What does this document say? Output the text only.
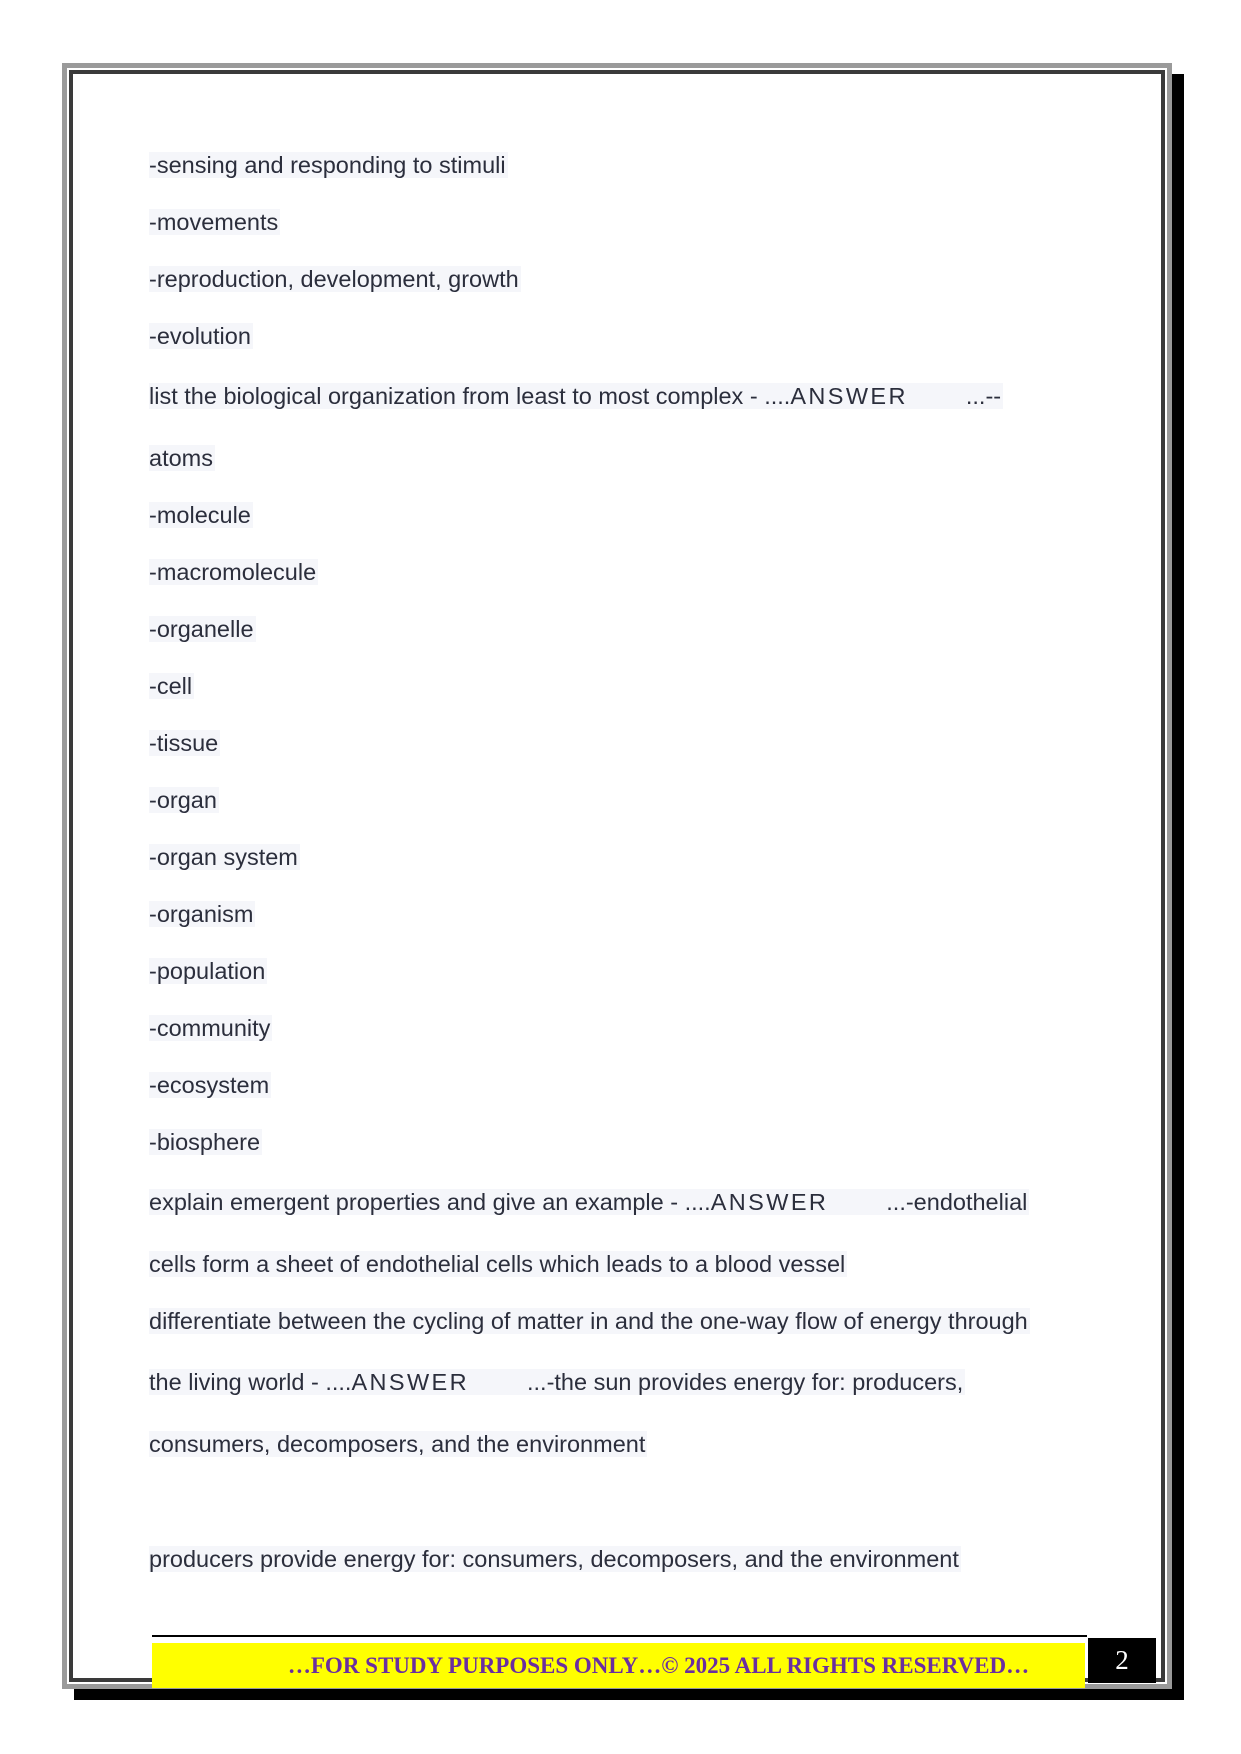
-sensing and responding to stimuli
-movements
-reproduction, development, growth
-evolution
list the biological organization from least to most complex - ....ANSWER ...--
atoms
-molecule
-macromolecule
-organelle
-cell
-tissue
-organ
-organ system
-organism
-population
-community
-ecosystem
-biosphere
explain emergent properties and give an example - ....ANSWER ...-endothelial
cells form a sheet of endothelial cells which leads to a blood vessel
differentiate between the cycling of matter in and the one-way flow of energy through
the living world - ....ANSWER ...-the sun provides energy for: producers,
consumers, decomposers, and the environment
producers provide energy for: consumers, decomposers, and the environment
…FOR STUDY PURPOSES ONLY…© 2025 ALL RIGHTS RESERVED…	2
